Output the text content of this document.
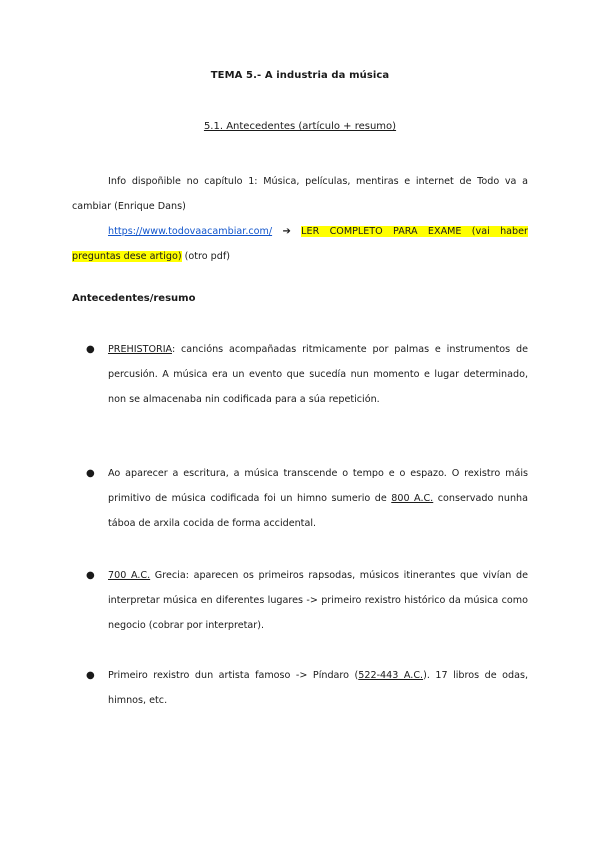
TEMA 5.- A industria da música
5.1. Antecedentes (artículo + resumo)
Info dispoñible no capítulo 1: Música, películas, mentiras e internet de Todo va a cambiar (Enrique Dans)
https://www.todovaacambiar.com/ ➔ LER COMPLETO PARA EXAME (vai haber preguntas dese artigo) (otro pdf)
Antecedentes/resumo
● PREHISTORIA: cancións acompañadas ritmicamente por palmas e instrumentos de percusión. A música era un evento que sucedía nun momento e lugar determinado, non se almacenaba nin codificada para a súa repetición.
● Ao aparecer a escritura, a música transcende o tempo e o espazo. O rexistro máis primitivo de música codificada foi un himno sumerio de 800 A.C. conservado nunha táboa de arxila cocida de forma accidental.
● 700 A.C. Grecia: aparecen os primeiros rapsodas, músicos itinerantes que vivían de interpretar música en diferentes lugares -> primeiro rexistro histórico da música como negocio (cobrar por interpretar).
● Primeiro rexistro dun artista famoso -> Píndaro (522-443 A.C.). 17 libros de odas, himnos, etc.
